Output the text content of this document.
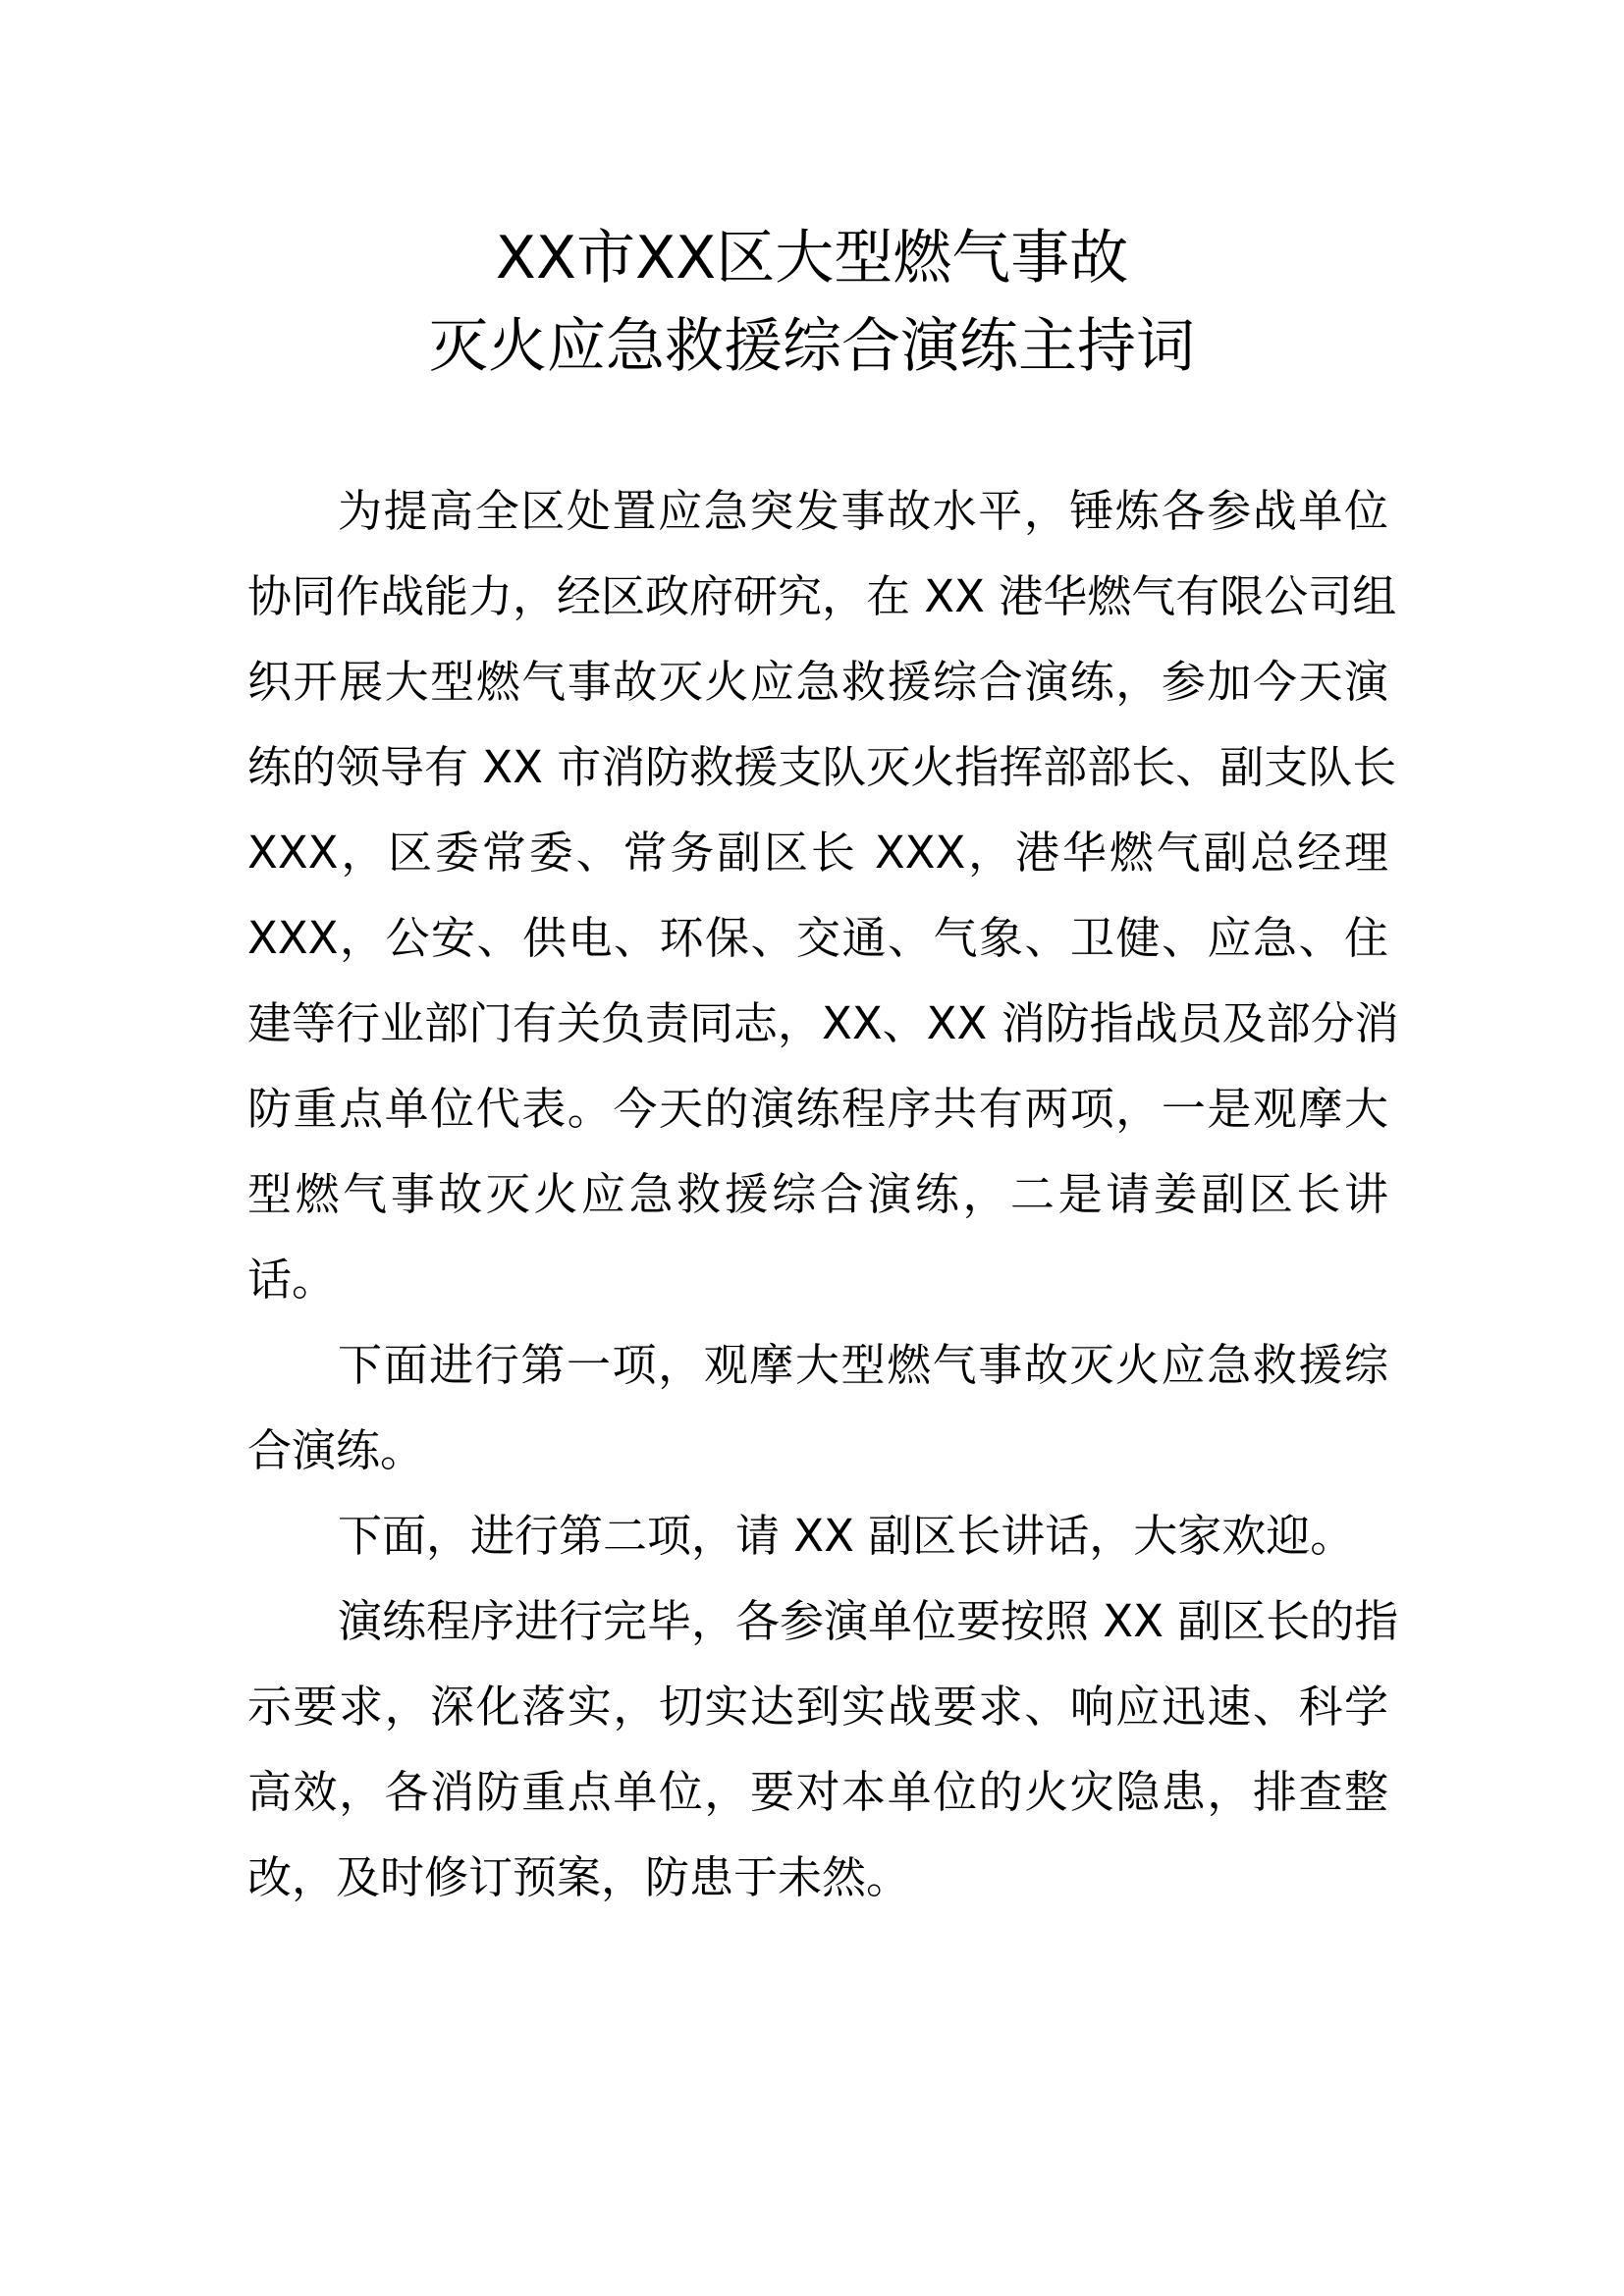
XX市XX区大型燃气事故
灭火应急救援综合演练主持词
为提高全区处置应急突发事故水平，锤炼各参战单位
协同作战能力，经区政府研究，在 XX 港华燃气有限公司组
织开展大型燃气事故灭火应急救援综合演练，参加今天演
练的领导有 XX 市消防救援支队灭火指挥部部长、副支队长
XXX，区委常委、常务副区长 XXX，港华燃气副总经理
XXX，公安、供电、环保、交通、气象、卫健、应急、住
建等行业部门有关负责同志，XX、XX 消防指战员及部分消
防重点单位代表。今天的演练程序共有两项，一是观摩大
型燃气事故灭火应急救援综合演练，二是请姜副区长讲
话。
下面进行第一项，观摩大型燃气事故灭火应急救援综
合演练。
下面，进行第二项，请 XX 副区长讲话，大家欢迎。
演练程序进行完毕，各参演单位要按照 XX 副区长的指
示要求，深化落实，切实达到实战要求、响应迅速、科学
高效，各消防重点单位，要对本单位的火灾隐患，排查整
改，及时修订预案，防患于未然。
